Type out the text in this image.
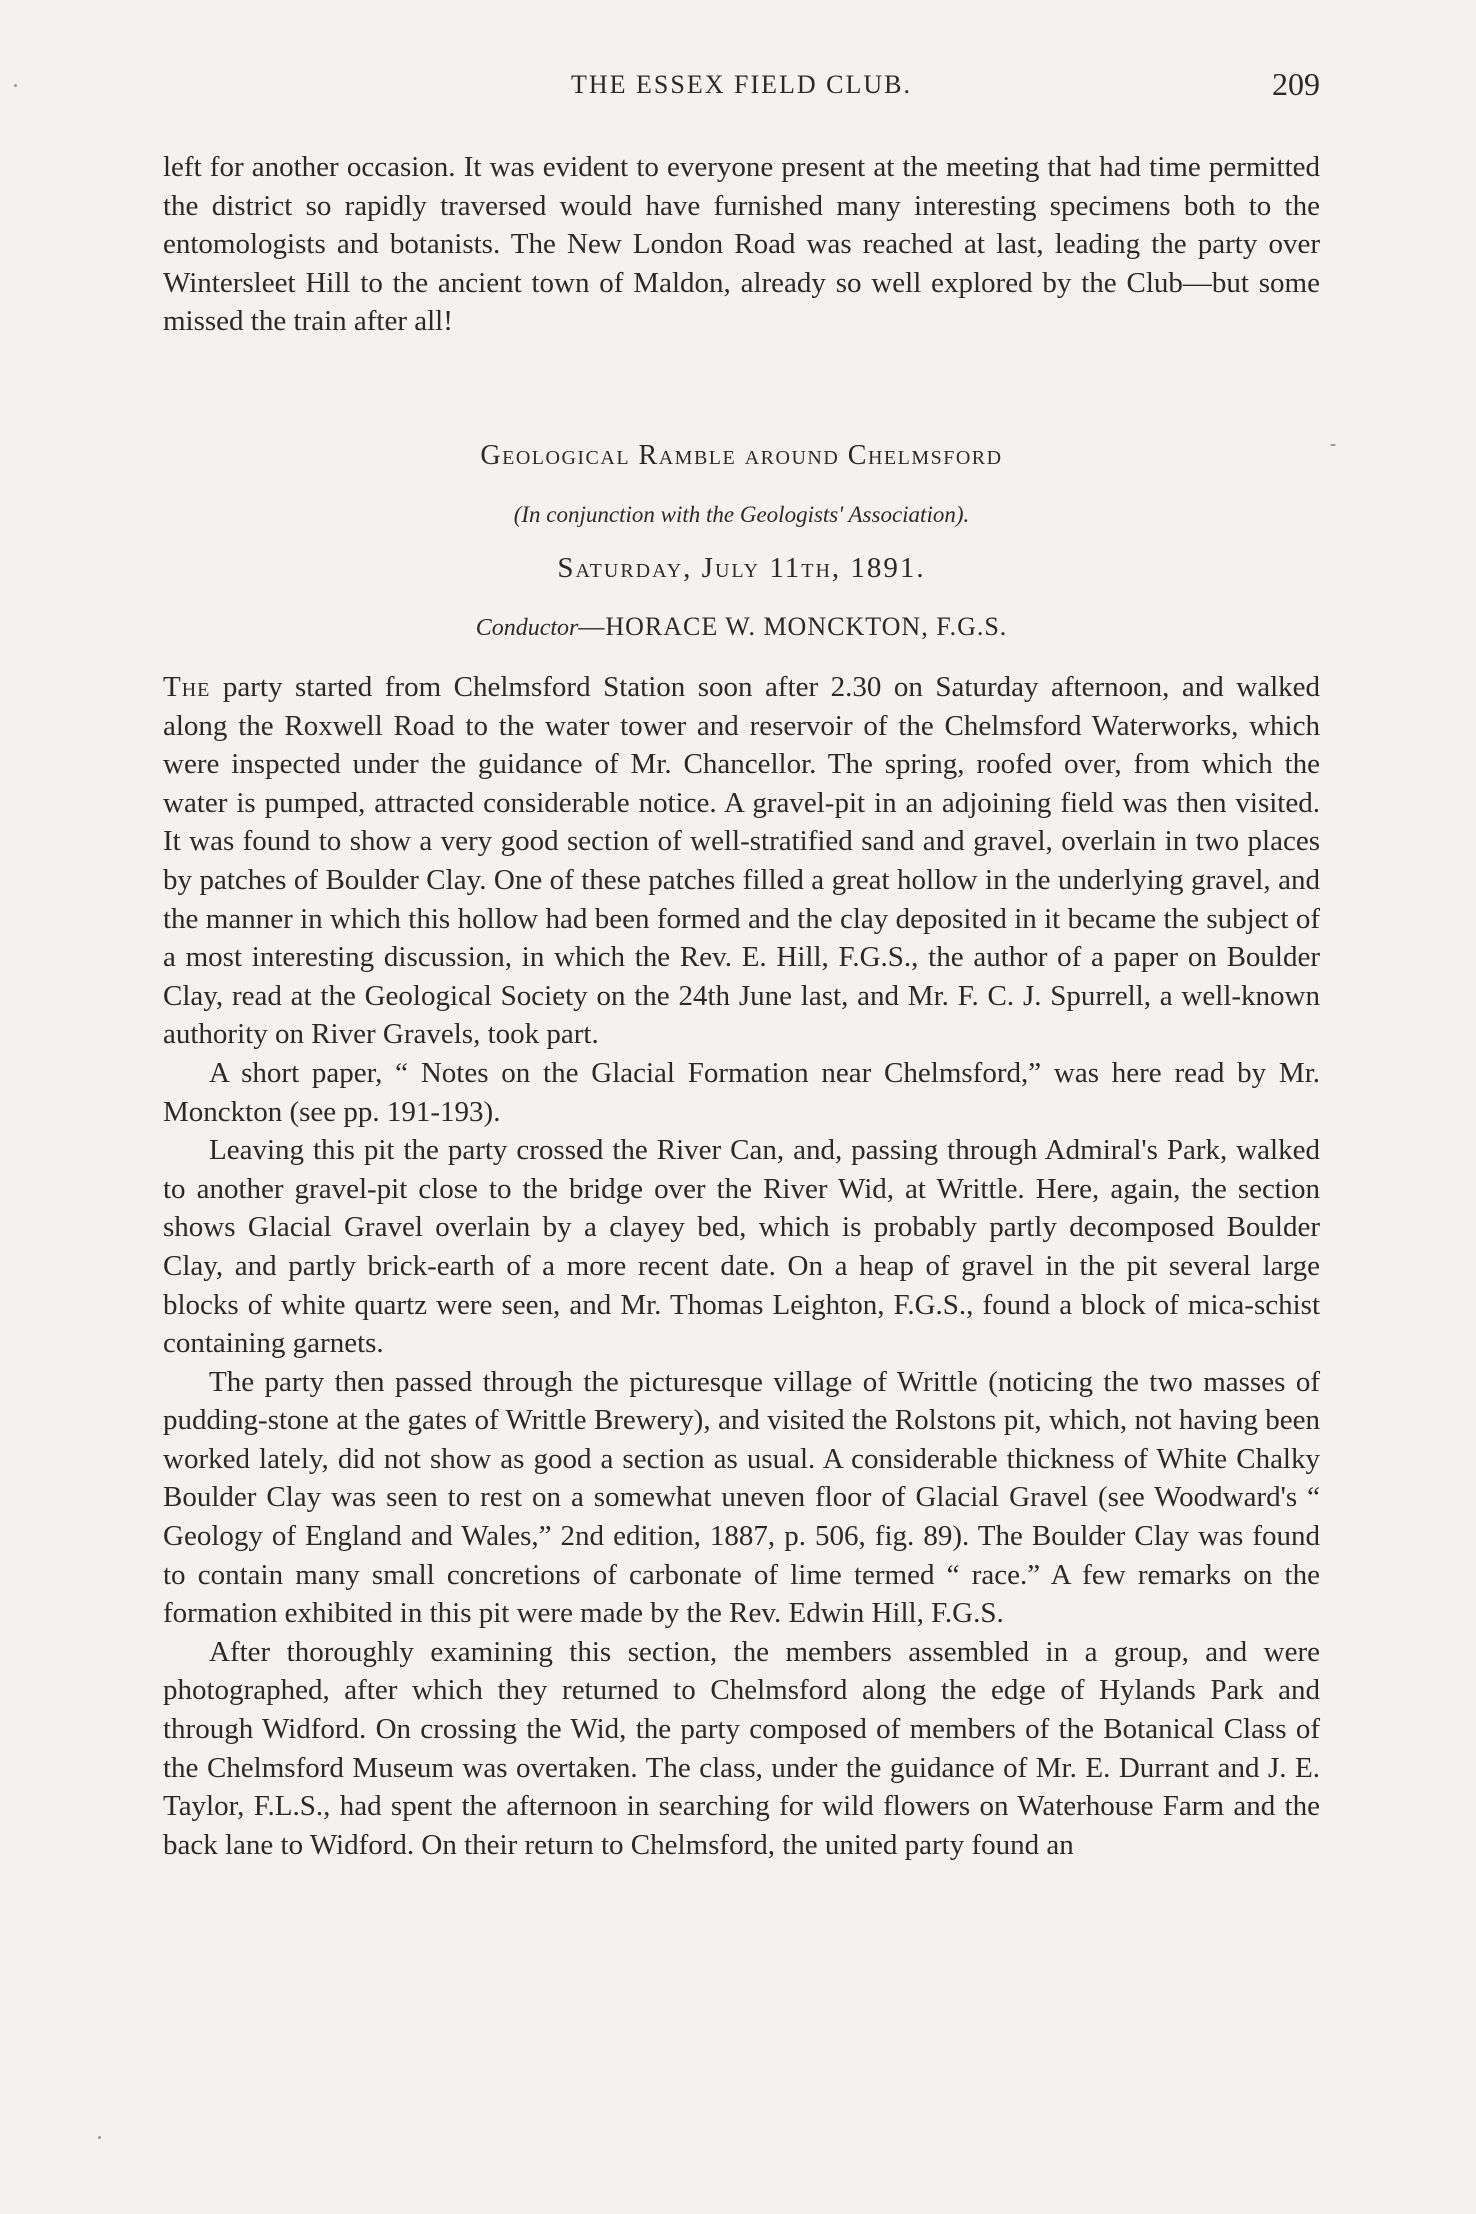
THE ESSEX FIELD CLUB.	209

left for another occasion. It was evident to everyone present at the meeting that had time permitted the district so rapidly traversed would have furnished many interesting specimens both to the entomologists and botanists. The New London Road was reached at last, leading the party over Wintersleet Hill to the ancient town of Maldon, already so well explored by the Club—but some missed the train after all!

Geological Ramble around Chelmsford
(In conjunction with the Geologists' Association).
Saturday, July 11th, 1891.
Conductor—HORACE W. MONCKTON, F.G.S.

The party started from Chelmsford Station soon after 2.30 on Saturday afternoon, and walked along the Roxwell Road to the water tower and reservoir of the Chelmsford Waterworks, which were inspected under the guidance of Mr. Chancellor. The spring, roofed over, from which the water is pumped, attracted considerable notice. A gravel-pit in an adjoining field was then visited. It was found to show a very good section of well-stratified sand and gravel, overlain in two places by patches of Boulder Clay. One of these patches filled a great hollow in the underlying gravel, and the manner in which this hollow had been formed and the clay deposited in it became the subject of a most interesting discussion, in which the Rev. E. Hill, F.G.S., the author of a paper on Boulder Clay, read at the Geological Society on the 24th June last, and Mr. F. C. J. Spurrell, a well-known authority on River Gravels, took part.

A short paper, “ Notes on the Glacial Formation near Chelmsford,” was here read by Mr. Monckton (see pp. 191-193).

Leaving this pit the party crossed the River Can, and, passing through Admiral's Park, walked to another gravel-pit close to the bridge over the River Wid, at Writtle. Here, again, the section shows Glacial Gravel overlain by a clayey bed, which is probably partly decomposed Boulder Clay, and partly brick-earth of a more recent date. On a heap of gravel in the pit several large blocks of white quartz were seen, and Mr. Thomas Leighton, F.G.S., found a block of mica-schist containing garnets.

The party then passed through the picturesque village of Writtle (noticing the two masses of pudding-stone at the gates of Writtle Brewery), and visited the Rolstons pit, which, not having been worked lately, did not show as good a section as usual. A considerable thickness of White Chalky Boulder Clay was seen to rest on a somewhat uneven floor of Glacial Gravel (see Woodward's “ Geology of England and Wales,” 2nd edition, 1887, p. 506, fig. 89). The Boulder Clay was found to contain many small concretions of carbonate of lime termed “ race.” A few remarks on the formation exhibited in this pit were made by the Rev. Edwin Hill, F.G.S.

After thoroughly examining this section, the members assembled in a group, and were photographed, after which they returned to Chelmsford along the edge of Hylands Park and through Widford. On crossing the Wid, the party composed of members of the Botanical Class of the Chelmsford Museum was overtaken. The class, under the guidance of Mr. E. Durrant and J. E. Taylor, F.L.S., had spent the afternoon in searching for wild flowers on Waterhouse Farm and the back lane to Widford. On their return to Chelmsford, the united party found an
